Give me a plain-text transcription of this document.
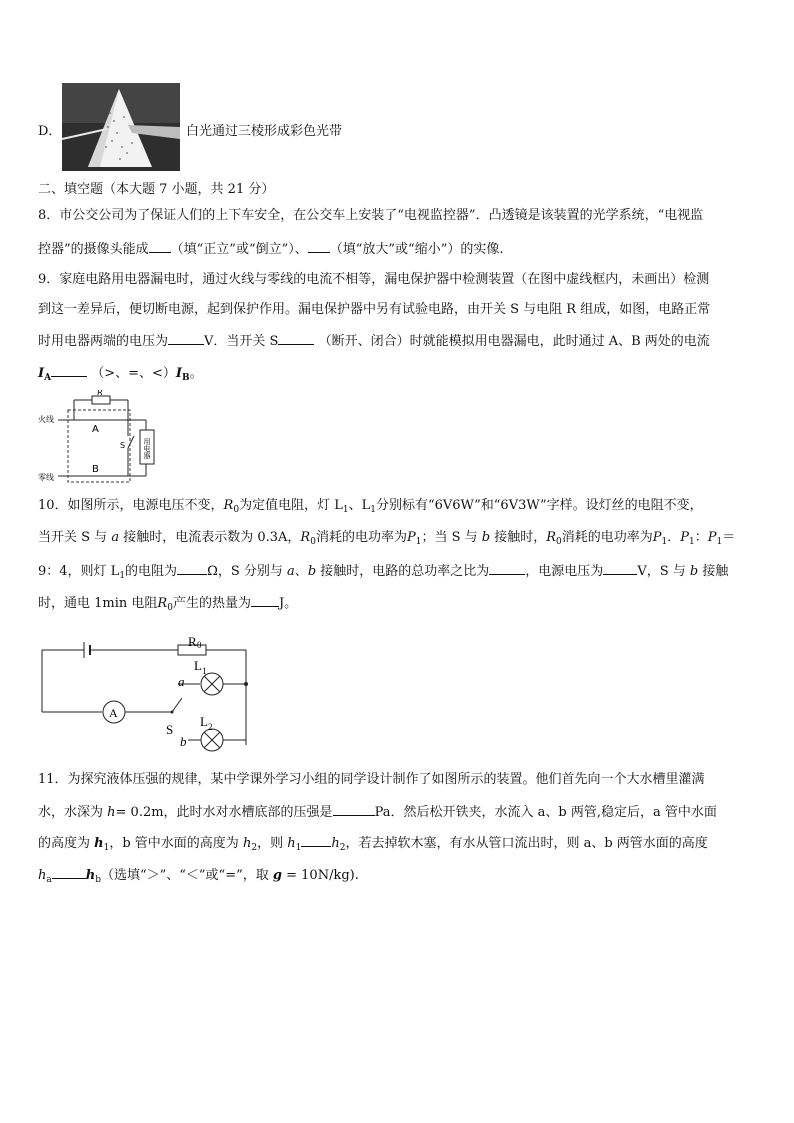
D．	白光通过三棱形成彩色光带
二、填空题（本大题 7 小题，共 21 分）
8．市公交公司为了保证人们的上下车安全，在公交车上安装了“电视监控器”．凸透镜是该装置的光学系统，“电视监
控器”的摄像头能成 （填“正立”或“倒立”）、 （填“放大”或“缩小”）的实像.
9．家庭电路用电器漏电时，通过火线与零线的电流不相等，漏电保护器中检测装置（在图中虚线框内，未画出）检测
到这一差异后，便切断电源，起到保护作用。漏电保护器中另有试验电路，由开关 S 与电阻 R 组成，如图，电路正常
时用电器两端的电压为	V．当开关 S	（断开、闭合）时就能模拟用电器漏电，此时通过 A、B 两处的电流
$I_A$	（>、=、$<)I_B$。
R
火线
零线
A
B
S	用电器
10．如图所示，电源电压不变，$R_0$为定值电阻，灯 $L_1$、$L_1$分别标有“6V6W”和“6V3W”字样。设灯丝的电阻不变，
当开关 S 与 a 接触时，电流表示数为 0.3A，$R_0$消耗的电功率为$P_1$；当 S 与 b 接触时，$R_0$消耗的电功率为$P_1$．$P_1$：$P_1=$
9：4，则灯 $L_1$的电阻为 Ω，S 分别与 a、b 接触时，电路的总功率之比为	，电源电压为	V，S 与 b 接触
时，通电 1min 电阻$R_0$产生的热量为 J。
R 0
L 1
L 2
a
b
S
A
11．为探究液体压强的规律，某中学课外学习小组的同学设计制作了如图所示的装置。他们首先向一个大水槽里灌满
水，水深为 h= 0.2m，此时水对水槽底部的压强是	Pa．然后松开铁夹，水流入 a、b 两管,稳定后，a 管中水面
的高度为 $h_1$，b 管中水面的高度为 $h_2$，则 $h_1$ $h_2$，若去掉软木塞，有水从管口流出时，则 a、b 两管水面的高度
$h_a$	$h_b$（选填“＞”、“＜”或“=”，取 g = 10N/kg).
